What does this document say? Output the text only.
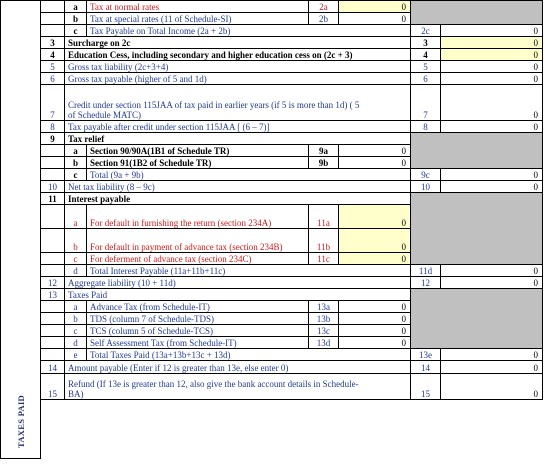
TAXES PAID		a	Tax at normal rates	2a	0		
		b	Tax at special rates (11 of Schedule-SI)	2b	0		
		c	Tax Payable on Total Income (2a + 2b)			2c	0
	3	Surcharge on 2c				3	0
	4	Education Cess, including secondary and higher education cess on (2c + 3)				4	0
	5	Gross tax liability (2c+3+4)				5	0
	6	Gross tax payable (higher of 5 and 1d)				6	0
	7	Credit under section 115JAA of tax paid in earlier years (if 5 is more than 1d) ( 5 of Schedule MATC)				7	0
	8	Tax payable after credit under section 115JAA [ (6 – 7)]				8	0
	9	Tax relief					
		a	Section 90/90A(1B1 of Schedule TR)	9a	0		
		b	Section 91(1B2 of Schedule TR)	9b	0		
		c	Total (9a + 9b)			9c	0
	10	Net tax liability (8 – 9c)				10	0
	11	Interest payable					
		a	For default in furnishing the return (section 234A)	11a	0		
		b	For default in payment of advance tax (section 234B)	11b	0		
		c	For deferment of advance tax (section 234C)	11c	0		
		d	Total Interest Payable (11a+11b+11c)			11d	0
	12	Aggregate liability (10 + 11d)				12	0
	13	Taxes Paid					
		a	Advance Tax (from Schedule-IT)	13a	0		
		b	TDS (column 7 of Schedule-TDS)	13b	0		
		c	TCS (column 5 of Schedule-TCS)	13c	0		
		d	Self Assessment Tax (from Schedule-IT)	13d	0		
		e	Total Taxes Paid (13a+13b+13c + 13d)			13e	0
	14	Amount payable (Enter if 12 is greater than 13e, else enter 0)				14	0
	15	Refund (If 13e is greater than 12, also give the bank account details in Schedule-BA)				15	0
